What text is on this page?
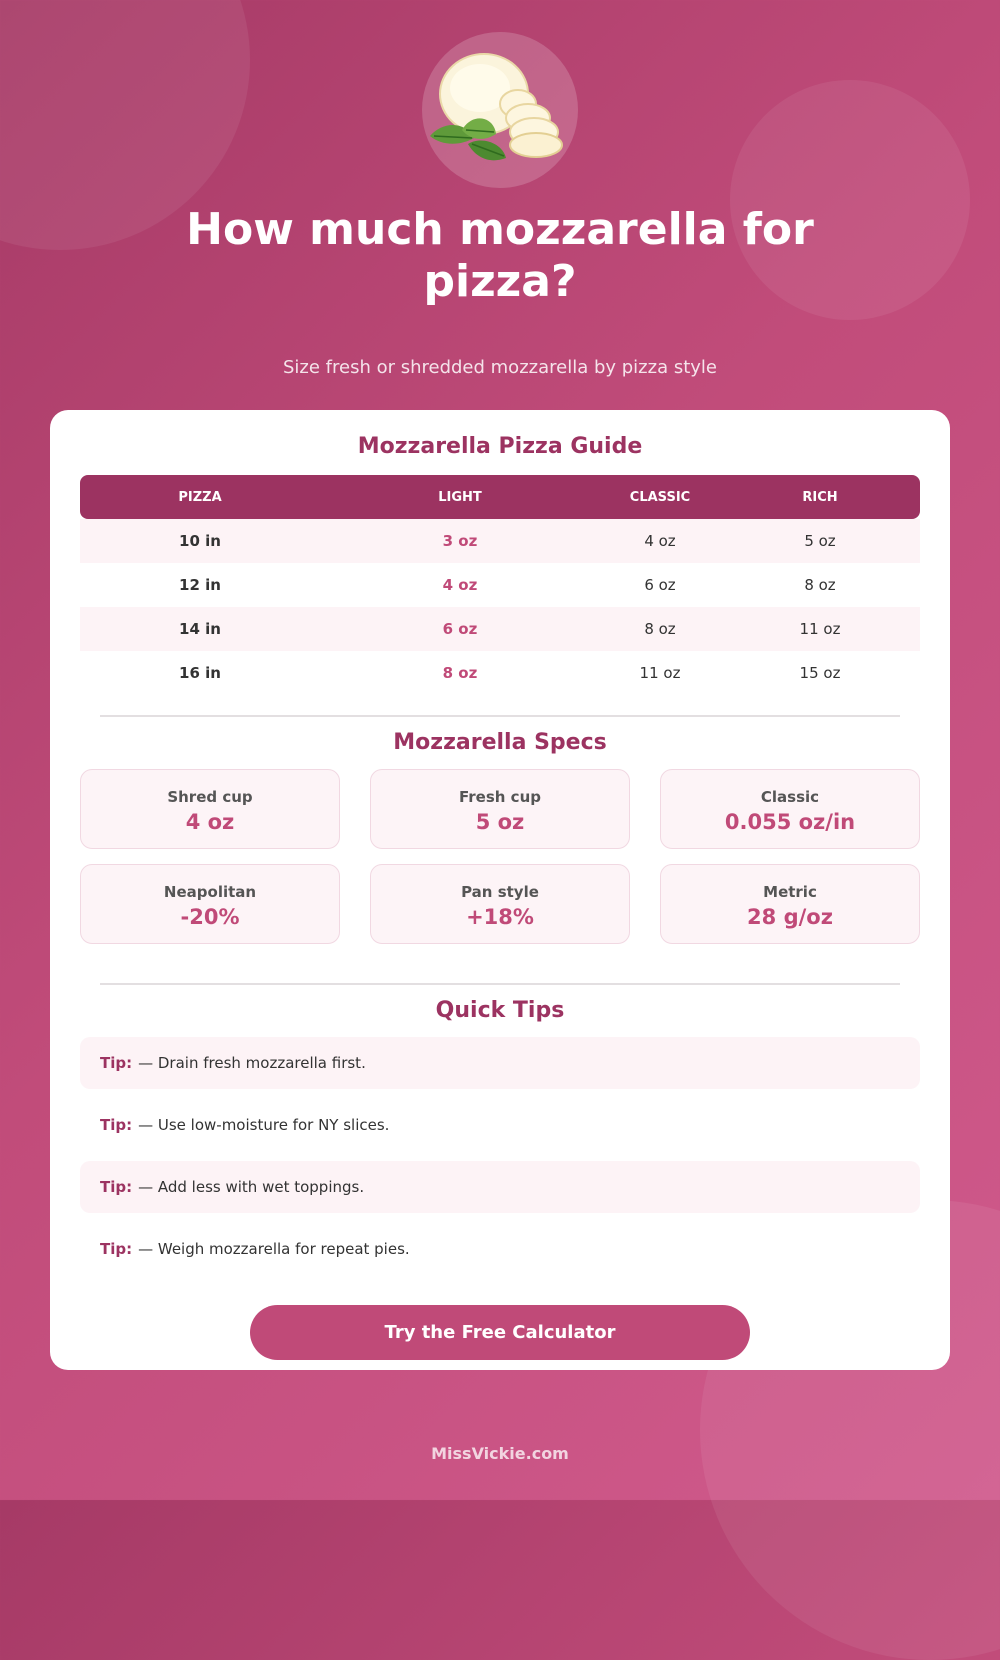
How much mozzarella for pizza?

Size fresh or shredded mozzarella by pizza style

Mozzarella Pizza Guide
PIZZA	LIGHT	CLASSIC	RICH
10 in	3 oz	4 oz	5 oz
12 in	4 oz	6 oz	8 oz
14 in	6 oz	8 oz	11 oz
16 in	8 oz	11 oz	15 oz
Mozzarella Specs
Shred cup
4 oz
Fresh cup
5 oz
Classic
0.055 oz/in
Neapolitan
-20%
Pan style
+18%
Metric
28 g/oz
Quick Tips
Tip: — Drain fresh mozzarella first.
Tip: — Use low-moisture for NY slices.
Tip: — Add less with wet toppings.
Tip: — Weigh mozzarella for repeat pies.
Try the Free Calculator
MissVickie.com
